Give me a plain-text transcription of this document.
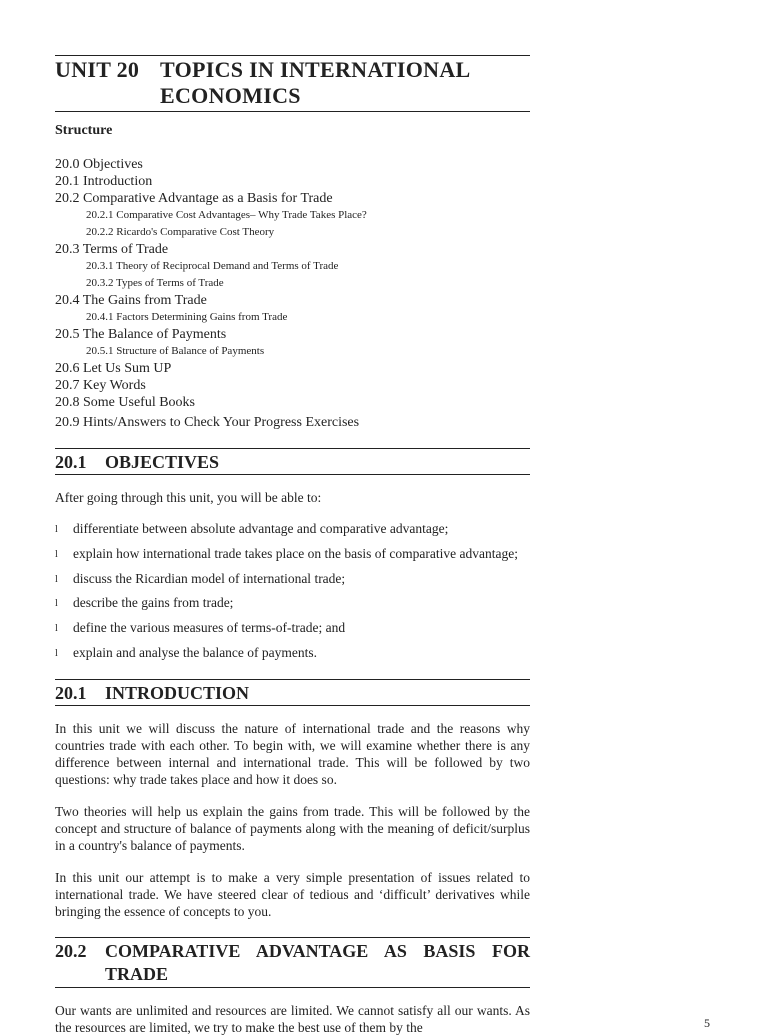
UNIT 20 TOPICS IN INTERNATIONAL
ECONOMICS
Structure
20.0 Objectives
20.1 Introduction
20.2 Comparative Advantage as a Basis for Trade
20.2.1 Comparative Cost Advantages– Why Trade Takes Place?
20.2.2 Ricardo's Comparative Cost Theory
20.3 Terms of Trade
20.3.1 Theory of Reciprocal Demand and Terms of Trade
20.3.2 Types of Terms of Trade
20.4 The Gains from Trade
20.4.1 Factors Determining Gains from Trade
20.5 The Balance of Payments
20.5.1 Structure of Balance of Payments
20.6 Let Us Sum UP
20.7 Key Words
20.8 Some Useful Books
20.9 Hints/Answers to Check Your Progress Exercises
20.1	OBJECTIVES
After going through this unit, you will be able to:
l	differentiate between absolute advantage and comparative advantage;
l	explain how international trade takes place on the basis of comparative advantage;
l	discuss the Ricardian model of international trade;
l	describe the gains from trade;
l	define the various measures of terms-of-trade; and
l	explain and analyse the balance of payments.
20.1	INTRODUCTION
In this unit we will discuss the nature of international trade and the reasons why countries trade with each other. To begin with, we will examine whether there is any difference between internal and international trade. This will be followed by two questions: why trade takes place and how it does so.
Two theories will help us explain the gains from trade. This will be followed by the concept and structure of balance of payments along with the meaning of deficit/surplus in a country's balance of payments.
In this unit our attempt is to make a very simple presentation of issues related to international trade. We have steered clear of tedious and ‘difficult’ derivatives while bringing the essence of concepts to you.
20.2	COMPARATIVE ADVANTAGE AS BASIS FOR TRADE
Our wants are unlimited and resources are limited. We cannot satisfy all our wants. As the resources are limited, we try to make the best use of them by the	5
